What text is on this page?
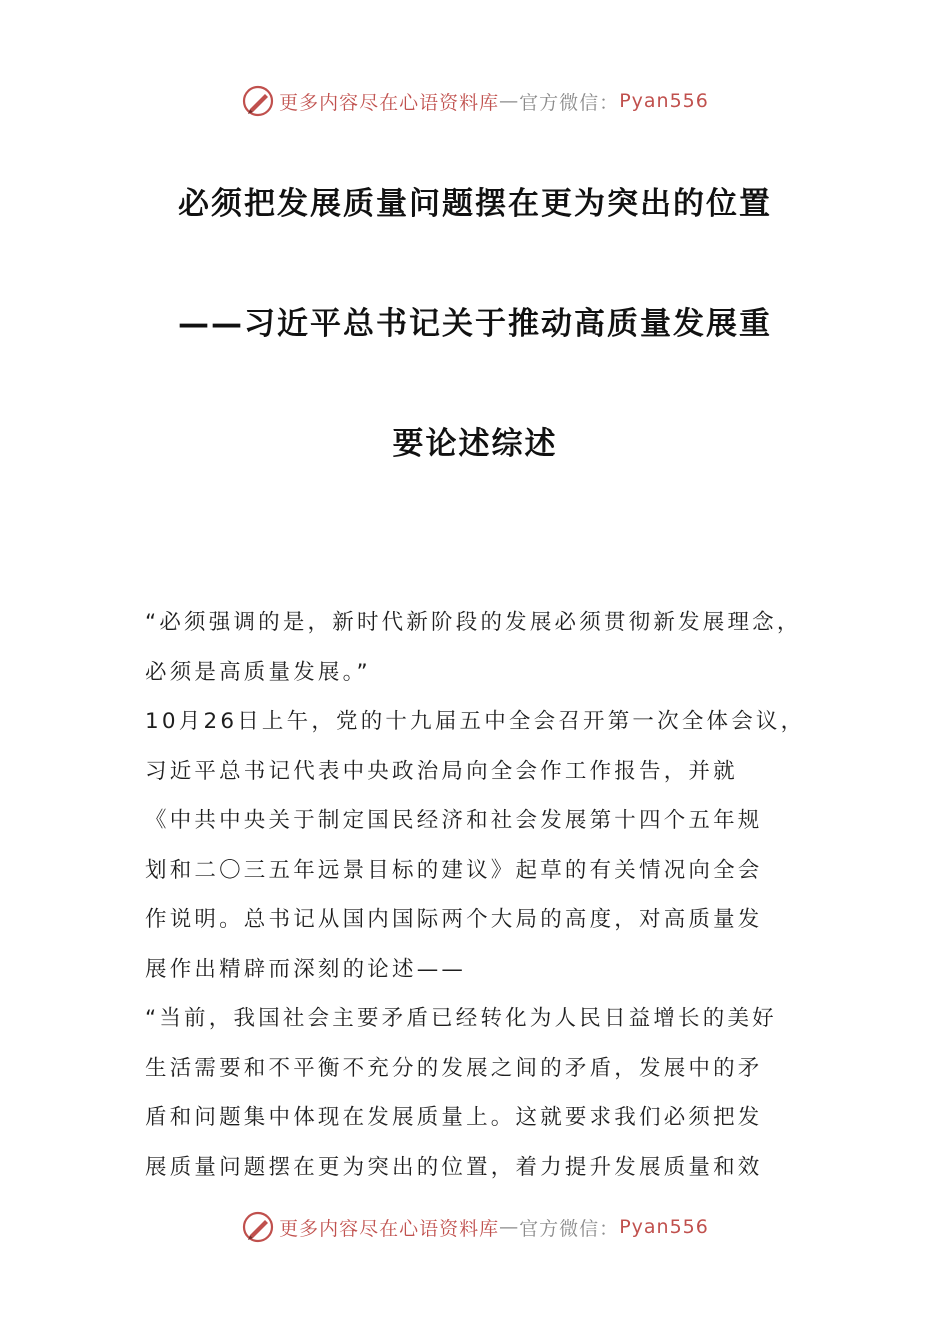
更多内容尽在心语资料库 — 官方微信： Pyan556
必须把发展质量问题摆在更为突出的位置
——习近平总书记关于推动高质量发展重
要论述综述
“必须强调的是，新时代新阶段的发展必须贯彻新发展理念，
必须是高质量发展。”
10月26日上午，党的十九届五中全会召开第一次全体会议，
习近平总书记代表中央政治局向全会作工作报告，并就
《中共中央关于制定国民经济和社会发展第十四个五年规
划和二〇三五年远景目标的建议》起草的有关情况向全会
作说明。总书记从国内国际两个大局的高度，对高质量发
展作出精辟而深刻的论述——
“当前，我国社会主要矛盾已经转化为人民日益增长的美好
生活需要和不平衡不充分的发展之间的矛盾，发展中的矛
盾和问题集中体现在发展质量上。这就要求我们必须把发
展质量问题摆在更为突出的位置，着力提升发展质量和效
更多内容尽在心语资料库 — 官方微信： Pyan556
